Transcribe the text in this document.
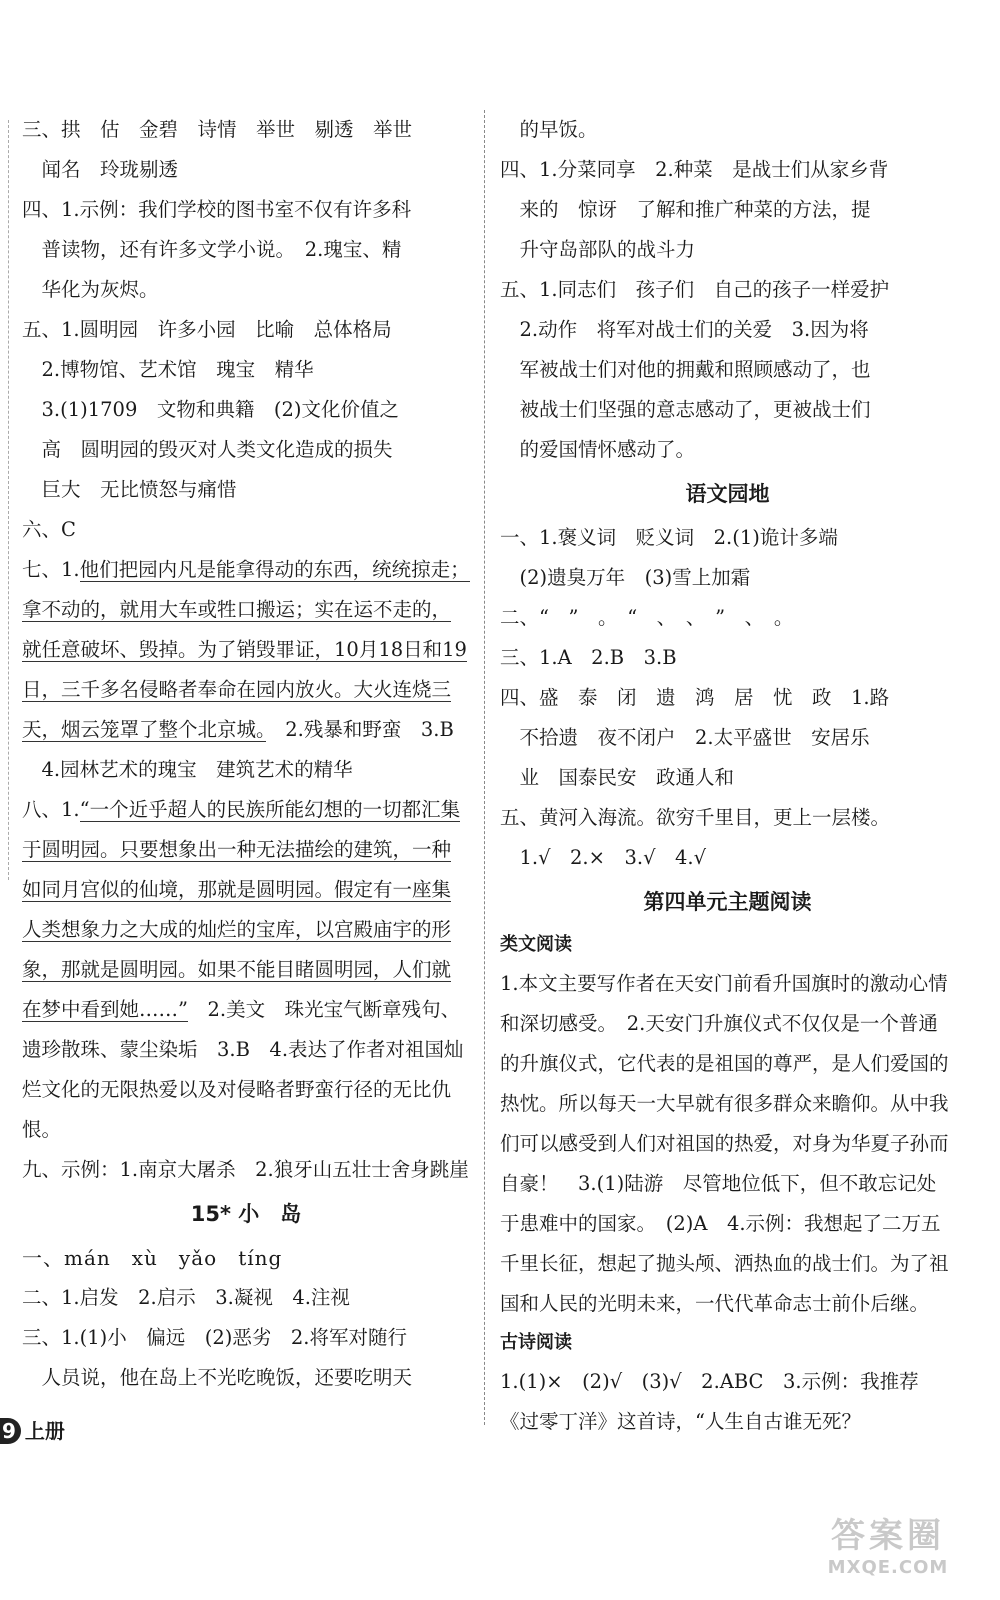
三、拱　估　金碧　诗情　举世　剔透　举世
　闻名　玲珑剔透
四、1.示例：我们学校的图书室不仅有许多科
　普读物，还有许多文学小说。　2.瑰宝、精
　华化为灰烬。
五、1.圆明园　许多小园　比喻　总体格局
　2.博物馆、艺术馆　瑰宝　精华
　3.(1)1709　文物和典籍　(2)文化价值之
　高　圆明园的毁灭对人类文化造成的损失
　巨大　无比愤怒与痛惜
六、C

七、1.他们把园内凡是能拿得动的东西，统统掠走；拿不动的，就用大车或牲口搬运；实在运不走的，就任意破坏、毁掉。为了销毁罪证，10月18日和19日，三千多名侵略者奉命在园内放火。大火连烧三天，烟云笼罩了整个北京城。　2.残暴和野蛮　3.B

　4.园林艺术的瑰宝　建筑艺术的精华

八、1.“一个近乎超人的民族所能幻想的一切都汇集于圆明园。只要想象出一种无法描绘的建筑，一种如同月宫似的仙境，那就是圆明园。假定有一座集人类想象力之大成的灿烂的宝库，以宫殿庙宇的形象，那就是圆明园。如果不能目睹圆明园，人们就在梦中看到她……”　2.美文　珠光宝气断章残句、遗珍散珠、蒙尘染垢　3.B　4.表达了作者对祖国灿烂文化的无限热爱以及对侵略者野蛮行径的无比仇恨。

九、示例：1.南京大屠杀　2.狼牙山五壮士舍身跳崖

15* 小　岛
一、mán　xù　yǎo　tíng
二、1.启发　2.启示　3.凝视　4.注视
三、1.(1)小　偏远　(2)恶劣　2.将军对随行
　人员说，他在岛上不光吃晚饭，还要吃明天
　的早饭。
四、1.分菜同享　2.种菜　是战士们从家乡背
　来的　惊讶　了解和推广种菜的方法，提
　升守岛部队的战斗力
五、1.同志们　孩子们　自己的孩子一样爱护
　2.动作　将军对战士们的关爱　3.因为将
　军被战士们对他的拥戴和照顾感动了，也
　被战士们坚强的意志感动了，更被战士们
　的爱国情怀感动了。
语文园地
一、1.褒义词　贬义词　2.(1)诡计多端
　(2)遗臭万年　(3)雪上加霜
二、“　”　。　“　、　、　”　、　。
三、1.A　2.B　3.B
四、盛　泰　闭　遗　鸿　居　忧　政　1.路
　不拾遗　夜不闭户　2.太平盛世　安居乐
　业　国泰民安　政通人和
五、黄河入海流。欲穷千里目，更上一层楼。
　1.√　2.×　3.√　4.√
第四单元主题阅读
类文阅读

1.本文主要写作者在天安门前看升国旗时的激动心情和深切感受。　2.天安门升旗仪式不仅仅是一个普通的升旗仪式，它代表的是祖国的尊严，是人们爱国的热忱。所以每天一大早就有很多群众来瞻仰。从中我们可以感受到人们对祖国的热爱，对身为华夏子孙而自豪！　3.(1)陆游　尽管地位低下，但不敢忘记处于患难中的国家。　(2)A　4.示例：我想起了二万五千里长征，想起了抛头颅、洒热血的战士们。为了祖国和人民的光明未来，一代代革命志士前仆后继。

古诗阅读

1.(1)×　(2)√　(3)√　2.ABC　3.示例：我推荐《过零丁洋》这首诗，“人生自古谁无死？

9 上册
答案圈
MXQE.COM
